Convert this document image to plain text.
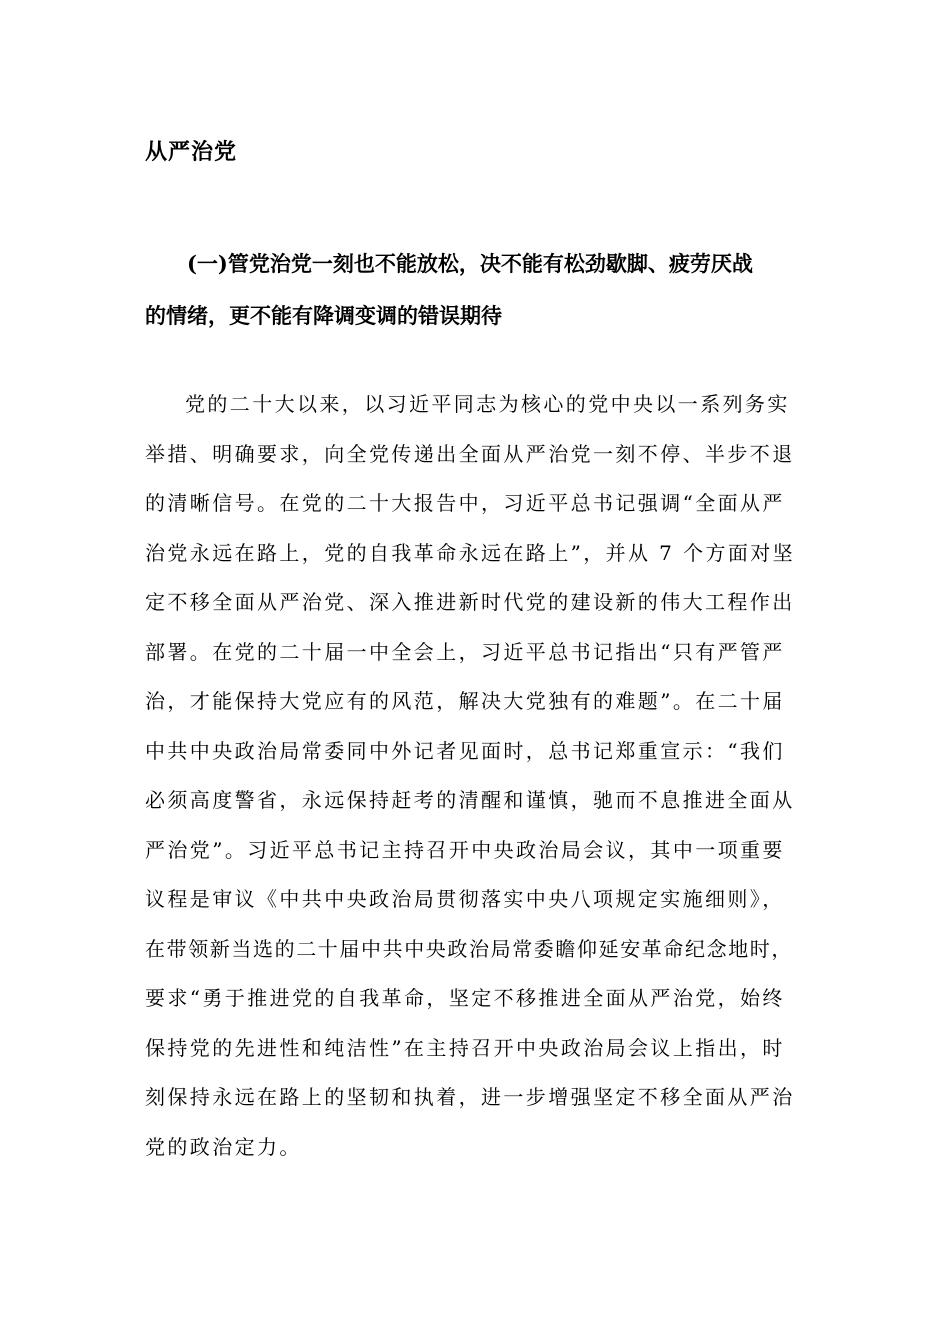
从严治党
(一)管党治党一刻也不能放松，决不能有松劲歇脚、疲劳厌战
的情绪，更不能有降调变调的错误期待
党的二十大以来，以习近平同志为核心的党中央以一系列务实
举措、明确要求，向全党传递出全面从严治党一刻不停、半步不退
的清晰信号。在党的二十大报告中，习近平总书记强调“全面从严
治党永远在路上，党的自我革命永远在路上”，并从 7 个方面对坚
定不移全面从严治党、深入推进新时代党的建设新的伟大工程作出
部署。在党的二十届一中全会上，习近平总书记指出“只有严管严
治，才能保持大党应有的风范，解决大党独有的难题”。在二十届
中共中央政治局常委同中外记者见面时，总书记郑重宣示：“我们
必须高度警省，永远保持赶考的清醒和谨慎，驰而不息推进全面从
严治党”。习近平总书记主持召开中央政治局会议，其中一项重要
议程是审议《中共中央政治局贯彻落实中央八项规定实施细则》，
在带领新当选的二十届中共中央政治局常委瞻仰延安革命纪念地时，
要求“勇于推进党的自我革命，坚定不移推进全面从严治党，始终
保持党的先进性和纯洁性”在主持召开中央政治局会议上指出，时
刻保持永远在路上的坚韧和执着，进一步增强坚定不移全面从严治
党的政治定力。
